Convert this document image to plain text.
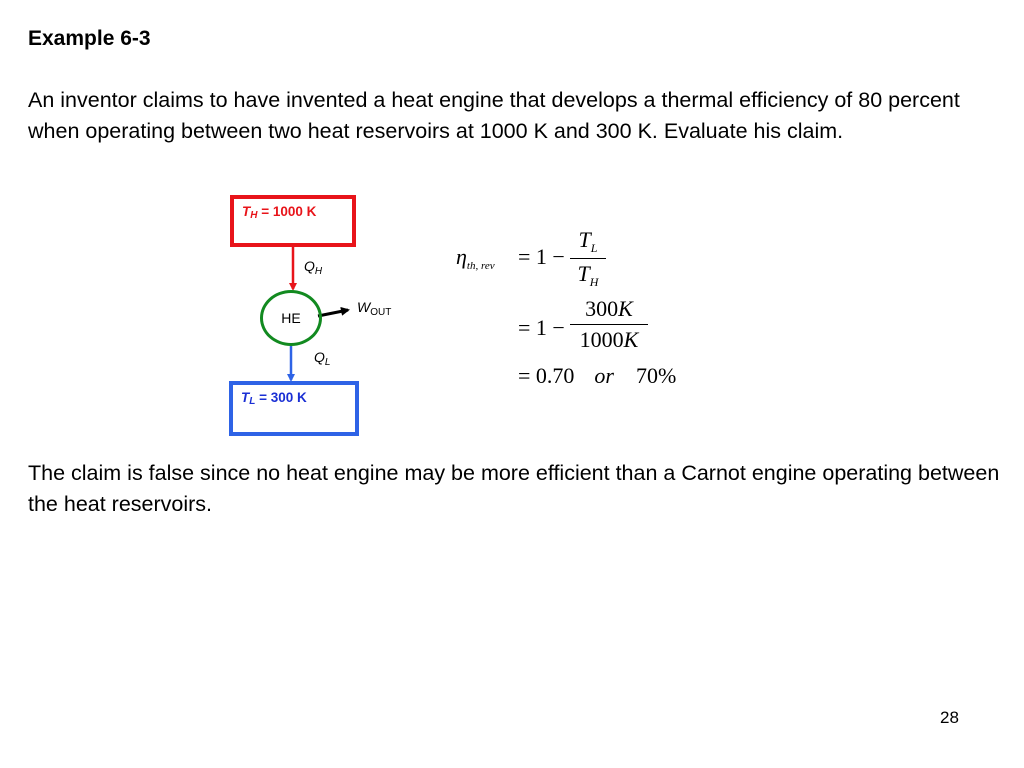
Example 6-3
An inventor claims to have invented a heat engine that develops a thermal efficiency of 80 percent when operating between two heat reservoirs at 1000 K and 300 K. Evaluate his claim.
$T_H = 1000$ K
HE
$Q_H$
$W_{OUT}$
$Q_L$
$T_L = 300$ K
$\eta_{th, rev} = 1 - \frac{T_L}{T_H}$
= $1 - \frac{300K}{1000K}$
= 0.70 or 70%
The claim is false since no heat engine may be more efficient than a Carnot engine operating between the heat reservoirs.
28
